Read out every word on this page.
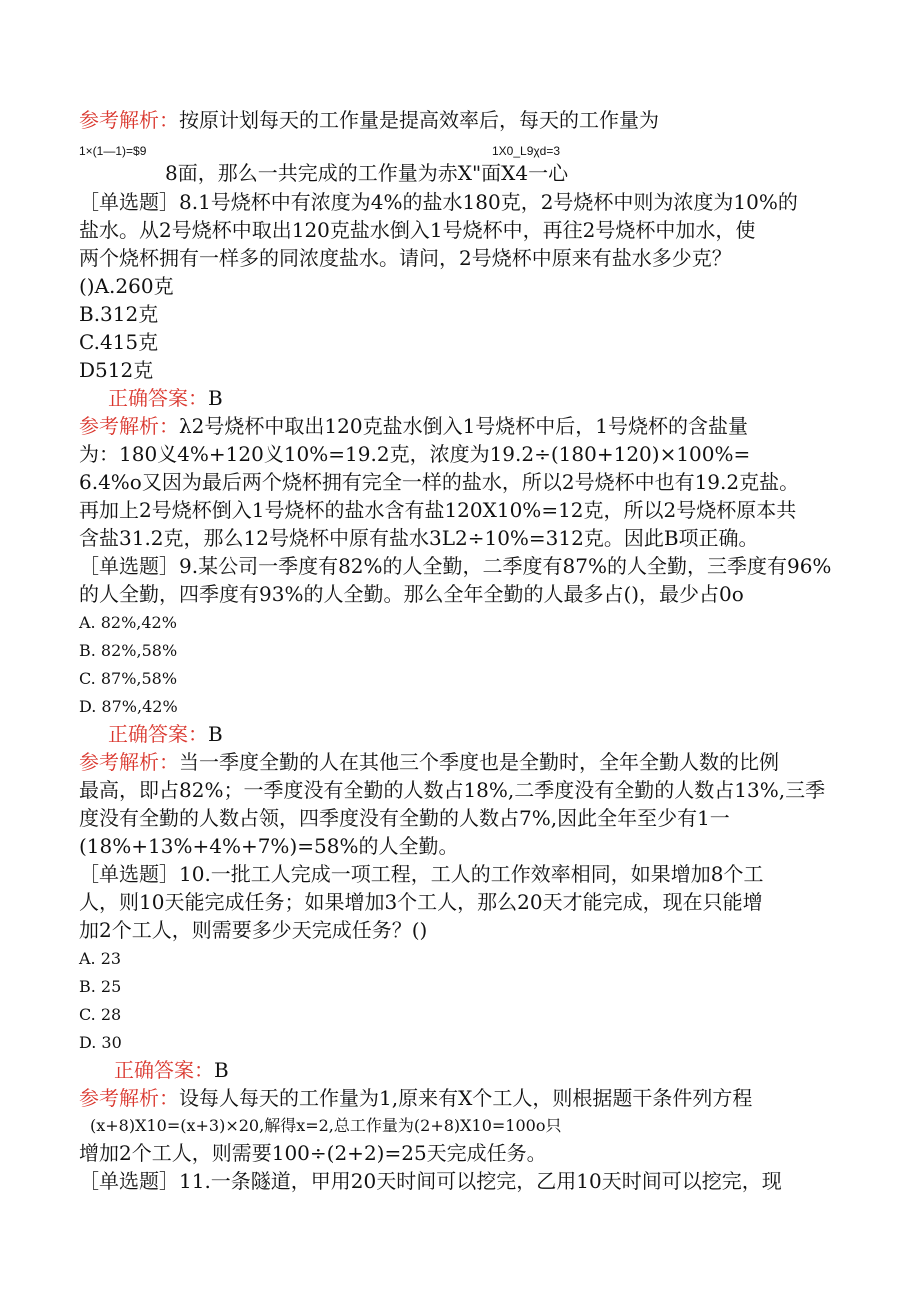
参考解析：按原计划每天的工作量是提高效率后，每天的工作量为
1×(1—1)=$9	1X0_L9χd=3
8面，那么一共完成的工作量为赤X"面X4一心
［单选题］8.1号烧杯中有浓度为4%的盐水180克，2号烧杯中则为浓度为10%的
盐水。从2号烧杯中取出120克盐水倒入1号烧杯中，再往2号烧杯中加水，使
两个烧杯拥有一样多的同浓度盐水。请问，2号烧杯中原来有盐水多少克？
()A.260克
B.312克
C.415克
D512克
正确答案：B
参考解析：λ2号烧杯中取出120克盐水倒入1号烧杯中后，1号烧杯的含盐量
为：180义4%+120义10%=19.2克，浓度为19.2÷(180+120)×100%=
6.4%o又因为最后两个烧杯拥有完全一样的盐水，所以2号烧杯中也有19.2克盐。
再加上2号烧杯倒入1号烧杯的盐水含有盐120X10%=12克，所以2号烧杯原本共
含盐31.2克，那么12号烧杯中原有盐水3L2÷10%=312克。因此B项正确。
［单选题］9.某公司一季度有82%的人全勤，二季度有87%的人全勤，三季度有96%
的人全勤，四季度有93%的人全勤。那么全年全勤的人最多占()，最少占0o
A. 82%,42%
B. 82%,58%
C. 87%,58%
D. 87%,42%
正确答案：B
参考解析：当一季度全勤的人在其他三个季度也是全勤时，全年全勤人数的比例
最高，即占82%；一季度没有全勤的人数占18%,二季度没有全勤的人数占13%,三季
度没有全勤的人数占领，四季度没有全勤的人数占7%,因此全年至少有1一
(18%+13%+4%+7%)=58%的人全勤。
［单选题］10.一批工人完成一项工程，工人的工作效率相同，如果增加8个工
人，则10天能完成任务；如果增加3个工人，那么20天才能完成，现在只能增
加2个工人，则需要多少天完成任务？()
A. 23
B. 25
C. 28
D. 30
正确答案：B
参考解析：设每人每天的工作量为1,原来有X个工人，则根据题干条件列方程
(x+8)X10=(x+3)×20,解得x=2,总工作量为(2+8)X10=100o只
增加2个工人，则需要100÷(2+2)=25天完成任务。
［单选题］11.一条隧道，甲用20天时间可以挖完，乙用10天时间可以挖完，现
